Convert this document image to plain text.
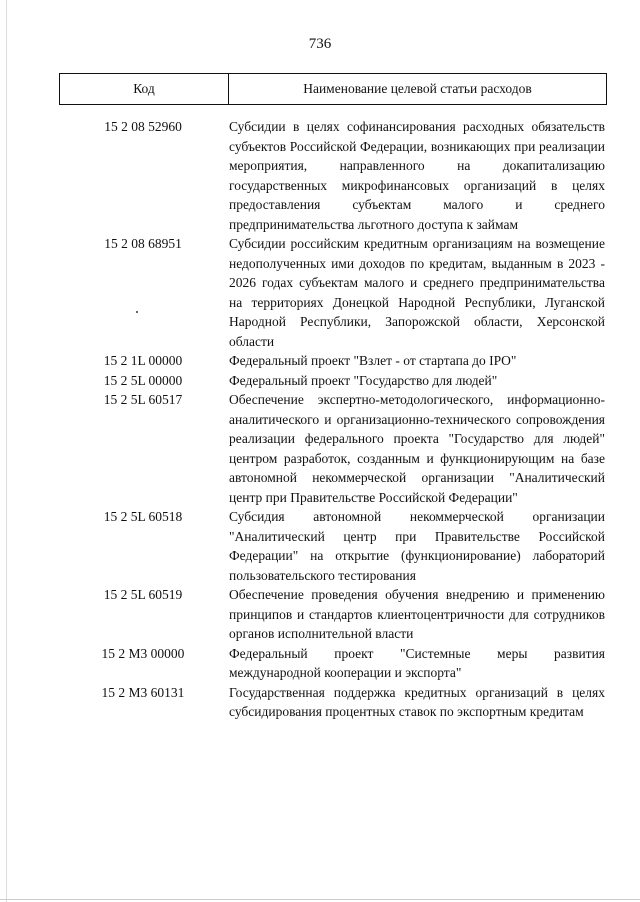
736
Код	Наименование целевой статьи расходов
15 2 08 52960	Субсидии в целях софинансирования расходных обязательств субъектов Российской Федерации, возникающих при реализации мероприятия, направленного на докапитализацию государственных микрофинансовых организаций в целях предоставления субъектам малого и среднего предпринимательства льготного доступа к займам
15 2 08 68951	Субсидии российским кредитным организациям на возмещение недополученных ими доходов по кредитам, выданным в 2023 - 2026 годах субъектам малого и среднего предпринимательства на территориях Донецкой Народной Республики, Луганской Народной Республики, Запорожской области, Херсонской области
15 2 1L 00000	Федеральный проект "Взлет - от стартапа до IPO"
15 2 5L 00000	Федеральный проект "Государство для людей"
15 2 5L 60517	Обеспечение экспертно-методологического, информационно-аналитического и организационно-технического сопровождения реализации федерального проекта "Государство для людей" центром разработок, созданным и функционирующим на базе автономной некоммерческой организации "Аналитический центр при Правительстве Российской Федерации"
15 2 5L 60518	Субсидия автономной некоммерческой организации "Аналитический центр при Правительстве Российской Федерации" на открытие (функционирование) лабораторий пользовательского тестирования
15 2 5L 60519	Обеспечение проведения обучения внедрению и применению принципов и стандартов клиентоцентричности для сотрудников органов исполнительной власти
15 2 М3 00000	Федеральный проект "Системные меры развития международной кооперации и экспорта"
15 2 М3 60131	Государственная поддержка кредитных организаций в целях субсидирования процентных ставок по экспортным кредитам
